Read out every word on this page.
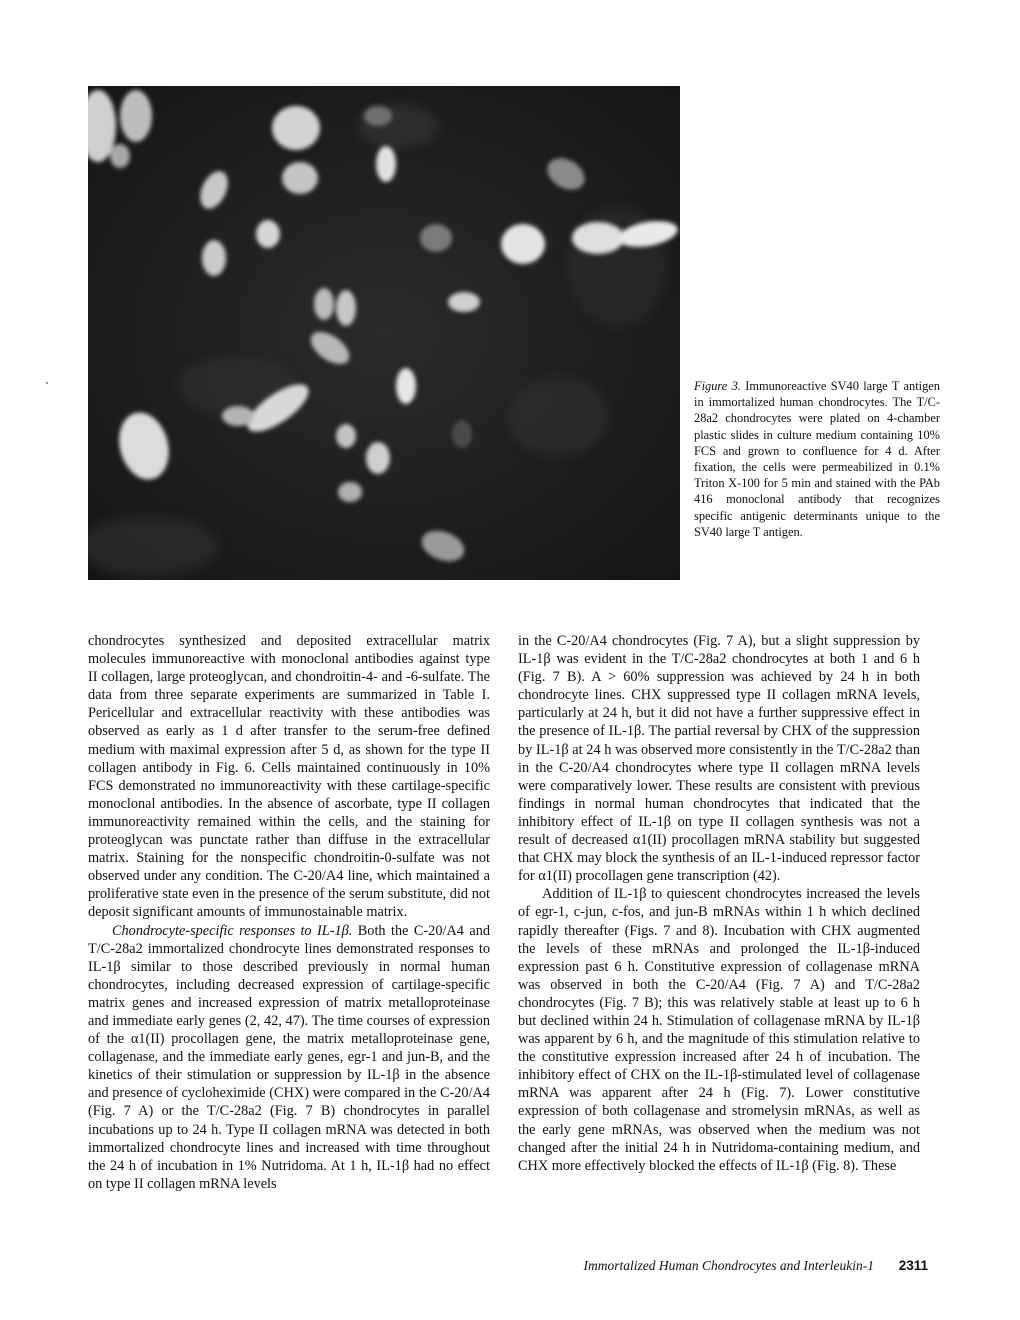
Figure 3. Immunoreactive SV40 large T antigen in immortalized human chondrocytes. The T/C-28a2 chondrocytes were plated on 4-chamber plastic slides in culture medium containing 10% FCS and grown to confluence for 4 d. After fixation, the cells were permeabilized in 0.1% Triton X-100 for 5 min and stained with the PAb 416 monoclonal antibody that recognizes specific antigenic determinants unique to the SV40 large T antigen.

chondrocytes synthesized and deposited extracellular matrix molecules immunoreactive with monoclonal antibodies against type II collagen, large proteoglycan, and chondroitin-4- and -6-sulfate. The data from three separate experiments are summarized in Table I. Pericellular and extracellular reactivity with these antibodies was observed as early as 1 d after transfer to the serum-free defined medium with maximal expression after 5 d, as shown for the type II collagen antibody in Fig. 6. Cells maintained continuously in 10% FCS demonstrated no immunoreactivity with these cartilage-specific monoclonal antibodies. In the absence of ascorbate, type II collagen immunoreactivity remained within the cells, and the staining for proteoglycan was punctate rather than diffuse in the extracellular matrix. Staining for the nonspecific chondroitin-0-sulfate was not observed under any condition. The C-20/A4 line, which maintained a proliferative state even in the presence of the serum substitute, did not deposit significant amounts of immunostainable matrix.

Chondrocyte-specific responses to IL-1β. Both the C-20/A4 and T/C-28a2 immortalized chondrocyte lines demonstrated responses to IL-1β similar to those described previously in normal human chondrocytes, including decreased expression of cartilage-specific matrix genes and increased expression of matrix metalloproteinase and immediate early genes (2, 42, 47). The time courses of expression of the α1(II) procollagen gene, the matrix metalloproteinase gene, collagenase, and the immediate early genes, egr-1 and jun-B, and the kinetics of their stimulation or suppression by IL-1β in the absence and presence of cycloheximide (CHX) were compared in the C-20/A4 (Fig. 7 A) or the T/C-28a2 (Fig. 7 B) chondrocytes in parallel incubations up to 24 h. Type II collagen mRNA was detected in both immortalized chondrocyte lines and increased with time throughout the 24 h of incubation in 1% Nutridoma. At 1 h, IL-1β had no effect on type II collagen mRNA levels

in the C-20/A4 chondrocytes (Fig. 7 A), but a slight suppression by IL-1β was evident in the T/C-28a2 chondrocytes at both 1 and 6 h (Fig. 7 B). A > 60% suppression was achieved by 24 h in both chondrocyte lines. CHX suppressed type II collagen mRNA levels, particularly at 24 h, but it did not have a further suppressive effect in the presence of IL-1β. The partial reversal by CHX of the suppression by IL-1β at 24 h was observed more consistently in the T/C-28a2 than in the C-20/A4 chondrocytes where type II collagen mRNA levels were comparatively lower. These results are consistent with previous findings in normal human chondrocytes that indicated that the inhibitory effect of IL-1β on type II collagen synthesis was not a result of decreased α1(II) procollagen mRNA stability but suggested that CHX may block the synthesis of an IL-1-induced repressor factor for α1(II) procollagen gene transcription (42).

Addition of IL-1β to quiescent chondrocytes increased the levels of egr-1, c-jun, c-fos, and jun-B mRNAs within 1 h which declined rapidly thereafter (Figs. 7 and 8). Incubation with CHX augmented the levels of these mRNAs and prolonged the IL-1β-induced expression past 6 h. Constitutive expression of collagenase mRNA was observed in both the C-20/A4 (Fig. 7 A) and T/C-28a2 chondrocytes (Fig. 7 B); this was relatively stable at least up to 6 h but declined within 24 h. Stimulation of collagenase mRNA by IL-1β was apparent by 6 h, and the magnitude of this stimulation relative to the constitutive expression increased after 24 h of incubation. The inhibitory effect of CHX on the IL-1β-stimulated level of collagenase mRNA was apparent after 24 h (Fig. 7). Lower constitutive expression of both collagenase and stromelysin mRNAs, as well as the early gene mRNAs, was observed when the medium was not changed after the initial 24 h in Nutridoma-containing medium, and CHX more effectively blocked the effects of IL-1β (Fig. 8). These

Immortalized Human Chondrocytes and Interleukin-1 2311
